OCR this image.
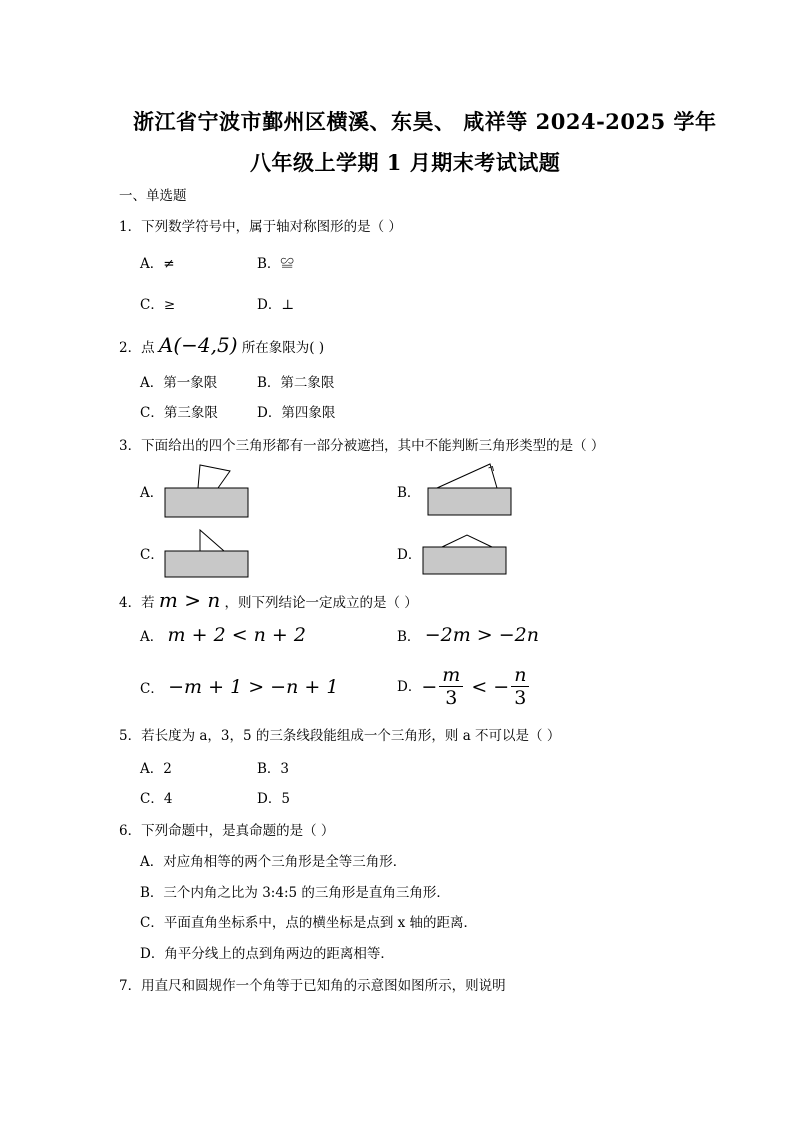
浙江省宁波市鄞州区横溪、东昊、 咸祥等 2024-2025 学年
八年级上学期 1 月期末考试试题
一、单选题
1．下列数学符号中，属于轴对称图形的是（ ）
A．≠	B．≌
C．≥	D．⊥
2．点 A(−4,5) 所在象限为( )
A．第一象限	B．第二象限
C．第三象限	D．第四象限
3．下面给出的四个三角形都有一部分被遮挡，其中不能判断三角形类型的是（ ）
A．	B．
C．	D．
4．若 m > n ，则下列结论一定成立的是（ ）
A． m + 2 < n + 2	B． −2m > −2n
C． −m + 1 > −n + 1	D． − $\frac{m}{3}$ < − $\frac{n}{3}$
5．若长度为 a，3，5 的三条线段能组成一个三角形，则 a 不可以是（ ）
A．2	B．3
C．4	D．5
6．下列命题中，是真命题的是（ ）
A．对应角相等的两个三角形是全等三角形．
B．三个内角之比为 3:4:5 的三角形是直角三角形．
C．平面直角坐标系中，点的横坐标是点到 x 轴的距离．
D．角平分线上的点到角两边的距离相等．
7．用直尺和圆规作一个角等于已知角的示意图如图所示，则说明
